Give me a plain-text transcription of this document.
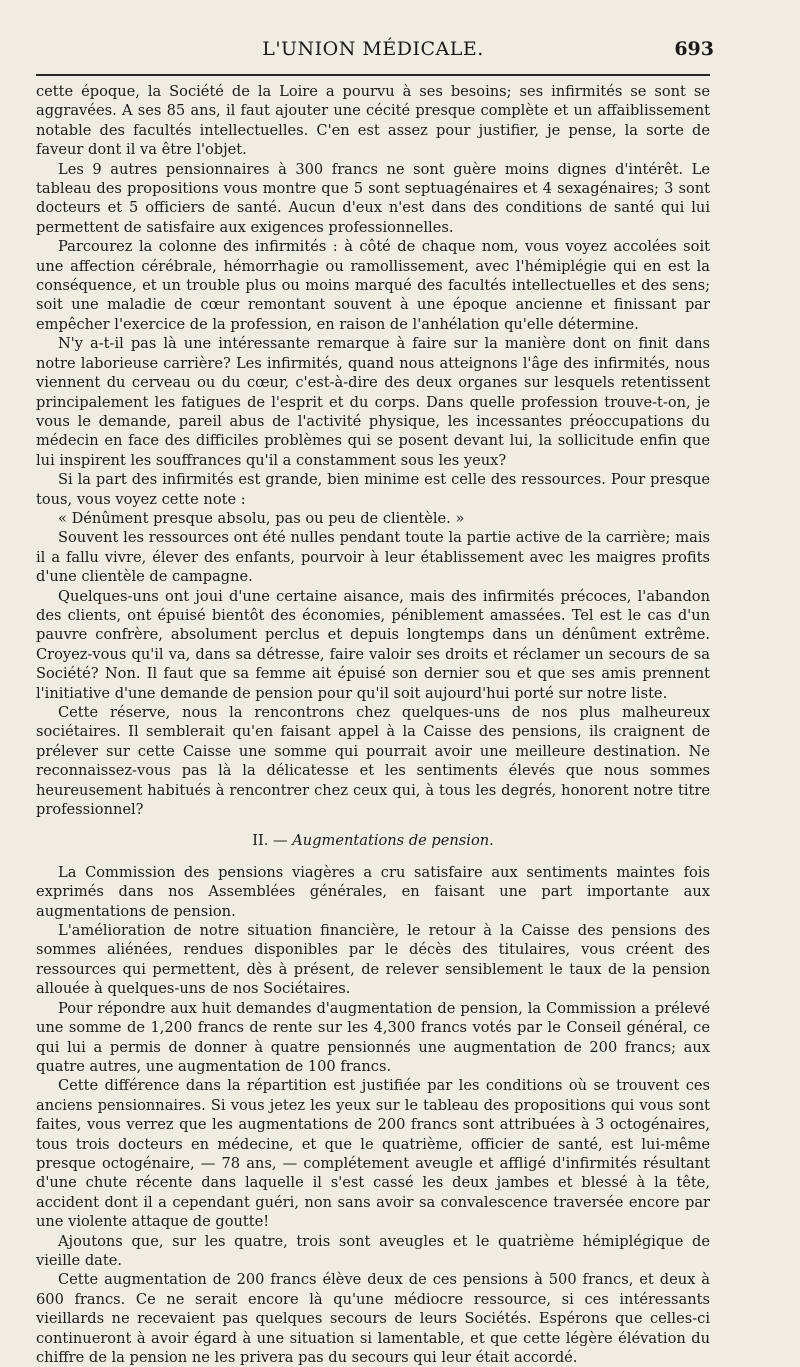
L'UNION MÉDICALE.	693

cette époque, la Société de la Loire a pourvu à ses besoins; ses infirmités se sont se aggravées. A ses 85 ans, il faut ajouter une cécité presque complète et un affaiblissement notable des facultés intellectuelles. C'en est assez pour justifier, je pense, la sorte de faveur dont il va être l'objet.

Les 9 autres pensionnaires à 300 francs ne sont guère moins dignes d'intérêt. Le tableau des propositions vous montre que 5 sont septuagénaires et 4 sexagénaires; 3 sont docteurs et 5 officiers de santé. Aucun d'eux n'est dans des conditions de santé qui lui permettent de satisfaire aux exigences professionnelles.

Parcourez la colonne des infirmités : à côté de chaque nom, vous voyez accolées soit une affection cérébrale, hémorrhagie ou ramollissement, avec l'hémiplégie qui en est la conséquence, et un trouble plus ou moins marqué des facultés intellectuelles et des sens; soit une maladie de cœur remontant souvent à une époque ancienne et finissant par empêcher l'exercice de la profession, en raison de l'anhélation qu'elle détermine.

N'y a-t-il pas là une intéressante remarque à faire sur la manière dont on finit dans notre laborieuse carrière? Les infirmités, quand nous atteignons l'âge des infirmités, nous viennent du cerveau ou du cœur, c'est-à-dire des deux organes sur lesquels retentissent principalement les fatigues de l'esprit et du corps. Dans quelle profession trouve-t-on, je vous le demande, pareil abus de l'activité physique, les incessantes préoccupations du médecin en face des difficiles problèmes qui se posent devant lui, la sollicitude enfin que lui inspirent les souffrances qu'il a constamment sous les yeux?

Si la part des infirmités est grande, bien minime est celle des ressources. Pour presque tous, vous voyez cette note :

« Dénûment presque absolu, pas ou peu de clientèle. »

Souvent les ressources ont été nulles pendant toute la partie active de la carrière; mais il a fallu vivre, élever des enfants, pourvoir à leur établissement avec les maigres profits d'une clientèle de campagne.

Quelques-uns ont joui d'une certaine aisance, mais des infirmités précoces, l'abandon des clients, ont épuisé bientôt des économies, péniblement amassées. Tel est le cas d'un pauvre confrère, absolument perclus et depuis longtemps dans un dénûment extrême. Croyez-vous qu'il va, dans sa détresse, faire valoir ses droits et réclamer un secours de sa Société? Non. Il faut que sa femme ait épuisé son dernier sou et que ses amis prennent l'initiative d'une demande de pension pour qu'il soit aujourd'hui porté sur notre liste.

Cette réserve, nous la rencontrons chez quelques-uns de nos plus malheureux sociétaires. Il semblerait qu'en faisant appel à la Caisse des pensions, ils craignent de prélever sur cette Caisse une somme qui pourrait avoir une meilleure destination. Ne reconnaissez-vous pas là la délicatesse et les sentiments élevés que nous sommes heureusement habitués à rencontrer chez ceux qui, à tous les degrés, honorent notre titre professionnel?

II. — Augmentations de pension.

La Commission des pensions viagères a cru satisfaire aux sentiments maintes fois exprimés dans nos Assemblées générales, en faisant une part importante aux augmentations de pension.

L'amélioration de notre situation financière, le retour à la Caisse des pensions des sommes aliénées, rendues disponibles par le décès des titulaires, vous créent des ressources qui permettent, dès à présent, de relever sensiblement le taux de la pension allouée à quelques-uns de nos Sociétaires.

Pour répondre aux huit demandes d'augmentation de pension, la Commission a prélevé une somme de 1,200 francs de rente sur les 4,300 francs votés par le Conseil général, ce qui lui a permis de donner à quatre pensionnés une augmentation de 200 francs; aux quatre autres, une augmentation de 100 francs.

Cette différence dans la répartition est justifiée par les conditions où se trouvent ces anciens pensionnaires. Si vous jetez les yeux sur le tableau des propositions qui vous sont faites, vous verrez que les augmentations de 200 francs sont attribuées à 3 octogénaires, tous trois docteurs en médecine, et que le quatrième, officier de santé, est lui-même presque octogénaire, — 78 ans, — complétement aveugle et affligé d'infirmités résultant d'une chute récente dans laquelle il s'est cassé les deux jambes et blessé à la tête, accident dont il a cependant guéri, non sans avoir sa convalescence traversée encore par une violente attaque de goutte!

Ajoutons que, sur les quatre, trois sont aveugles et le quatrième hémiplégique de vieille date.

Cette augmentation de 200 francs élève deux de ces pensions à 500 francs, et deux à 600 francs. Ce ne serait encore là qu'une médiocre ressource, si ces intéressants vieillards ne recevaient pas quelques secours de leurs Sociétés. Espérons que celles-ci continueront à avoir égard à une situation si lamentable, et que cette légère élévation du chiffre de la pension ne les privera pas du secours qui leur était accordé.
